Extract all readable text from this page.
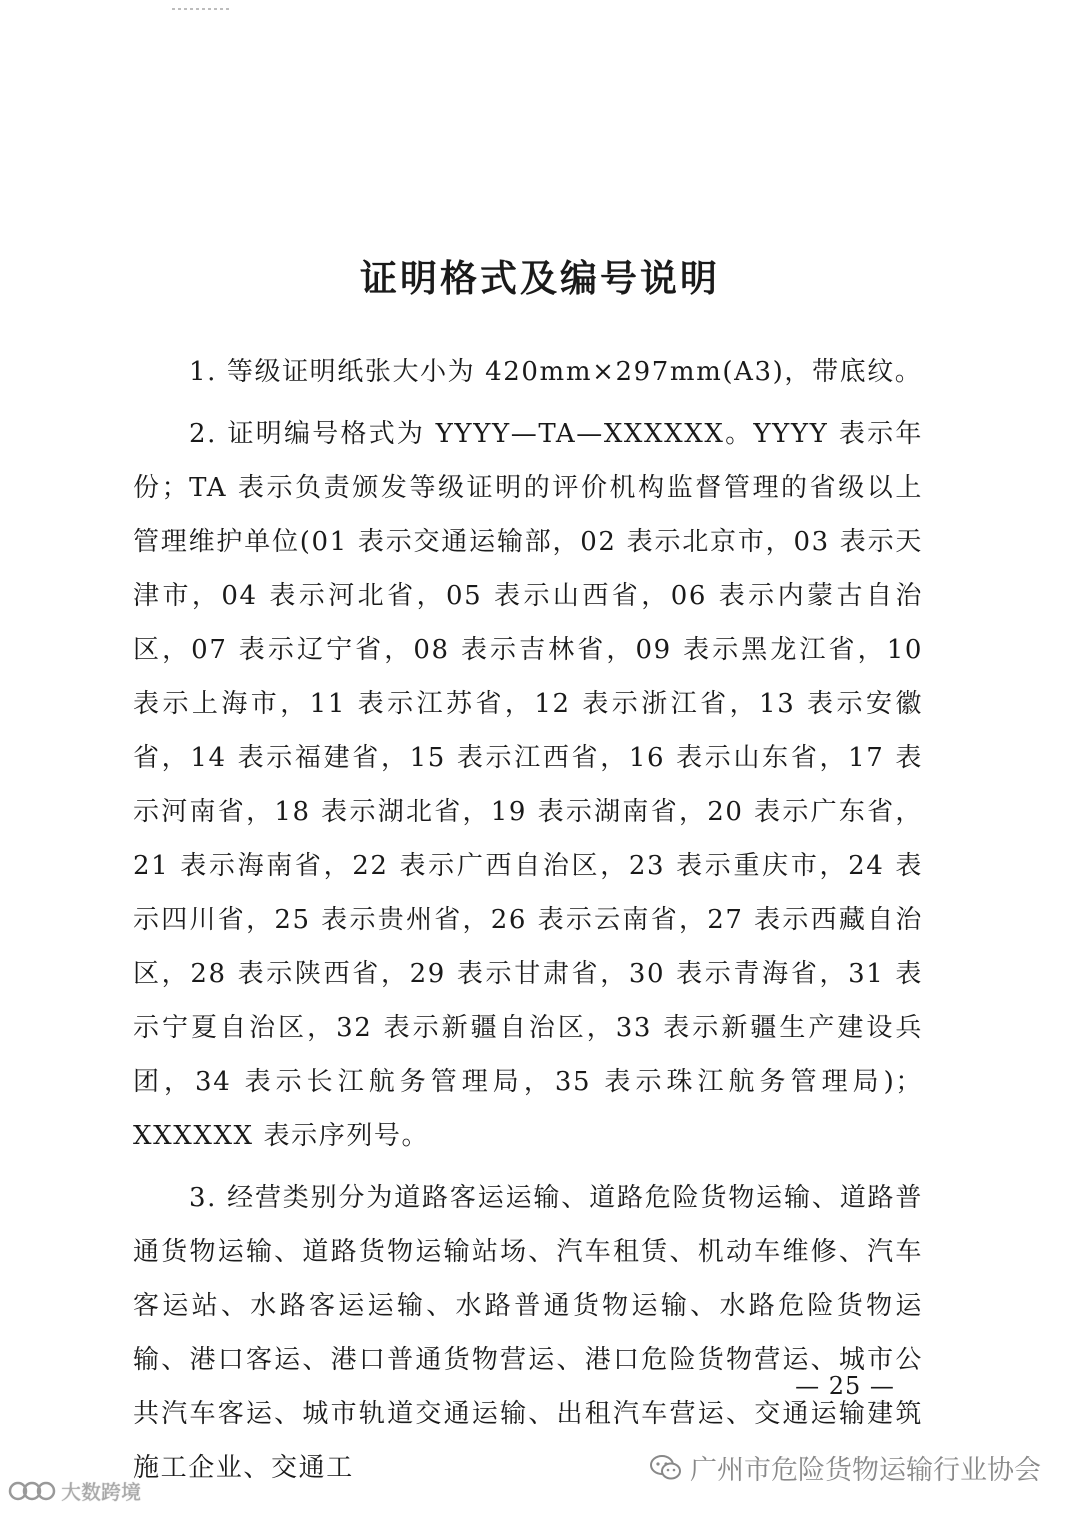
证明格式及编号说明

1. 等级证明纸张大小为 420mm×297mm(A3)，带底纹。

2. 证明编号格式为 YYYY—TA—XXXXXX。YYYY 表示年份；TA 表示负责颁发等级证明的评价机构监督管理的省级以上管理维护单位(01 表示交通运输部，02 表示北京市，03 表示天津市，04 表示河北省，05 表示山西省，06 表示内蒙古自治区，07 表示辽宁省，08 表示吉林省，09 表示黑龙江省，10 表示上海市，11 表示江苏省，12 表示浙江省，13 表示安徽省，14 表示福建省，15 表示江西省，16 表示山东省，17 表示河南省，18 表示湖北省，19 表示湖南省，20 表示广东省，21 表示海南省，22 表示广西自治区，23 表示重庆市，24 表示四川省，25 表示贵州省，26 表示云南省，27 表示西藏自治区，28 表示陕西省，29 表示甘肃省，30 表示青海省，31 表示宁夏自治区，32 表示新疆自治区，33 表示新疆生产建设兵团，34 表示长江航务管理局，35 表示珠江航务管理局)；XXXXXX 表示序列号。

3. 经营类别分为道路客运运输、道路危险货物运输、道路普通货物运输、道路货物运输站场、汽车租赁、机动车维修、汽车客运站、水路客运运输、水路普通货物运输、水路危险货物运输、港口客运、港口普通货物营运、港口危险货物营运、城市公共汽车客运、城市轨道交通运输、出租汽车营运、交通运输建筑施工企业、交通工

— 25 —
广州市危险货物运输行业协会
大数跨境
